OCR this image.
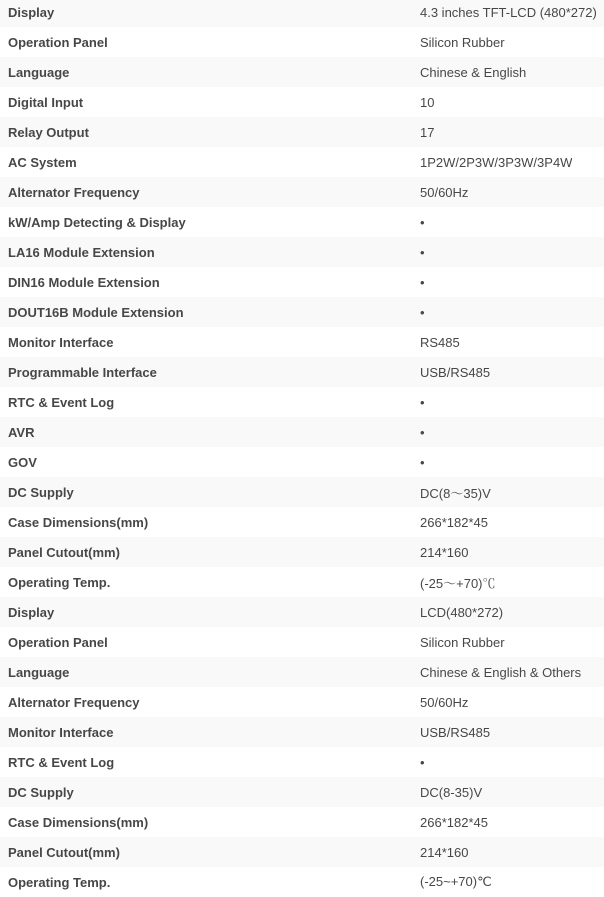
Display	4.3 inches TFT-LCD (480*272)
Operation Panel	Silicon Rubber
Language	Chinese & English
Digital Input	10
Relay Output	17
AC System	1P2W/2P3W/3P3W/3P4W
Alternator Frequency	50/60Hz
kW/Amp Detecting & Display	•
LA16 Module Extension	•
DIN16 Module Extension	•
DOUT16B Module Extension	•
Monitor Interface	RS485
Programmable Interface	USB/RS485
RTC & Event Log	•
AVR	•
GOV	•
DC Supply	DC(8～35)V
Case Dimensions(mm)	266*182*45
Panel Cutout(mm)	214*160
Operating Temp.	(-25～+70)℃
Display	LCD(480*272)
Operation Panel	Silicon Rubber
Language	Chinese & English & Others
Alternator Frequency	50/60Hz
Monitor Interface	USB/RS485
RTC & Event Log	•
DC Supply	DC(8-35)V
Case Dimensions(mm)	266*182*45
Panel Cutout(mm)	214*160
Operating Temp.	(-25~+70)℃
